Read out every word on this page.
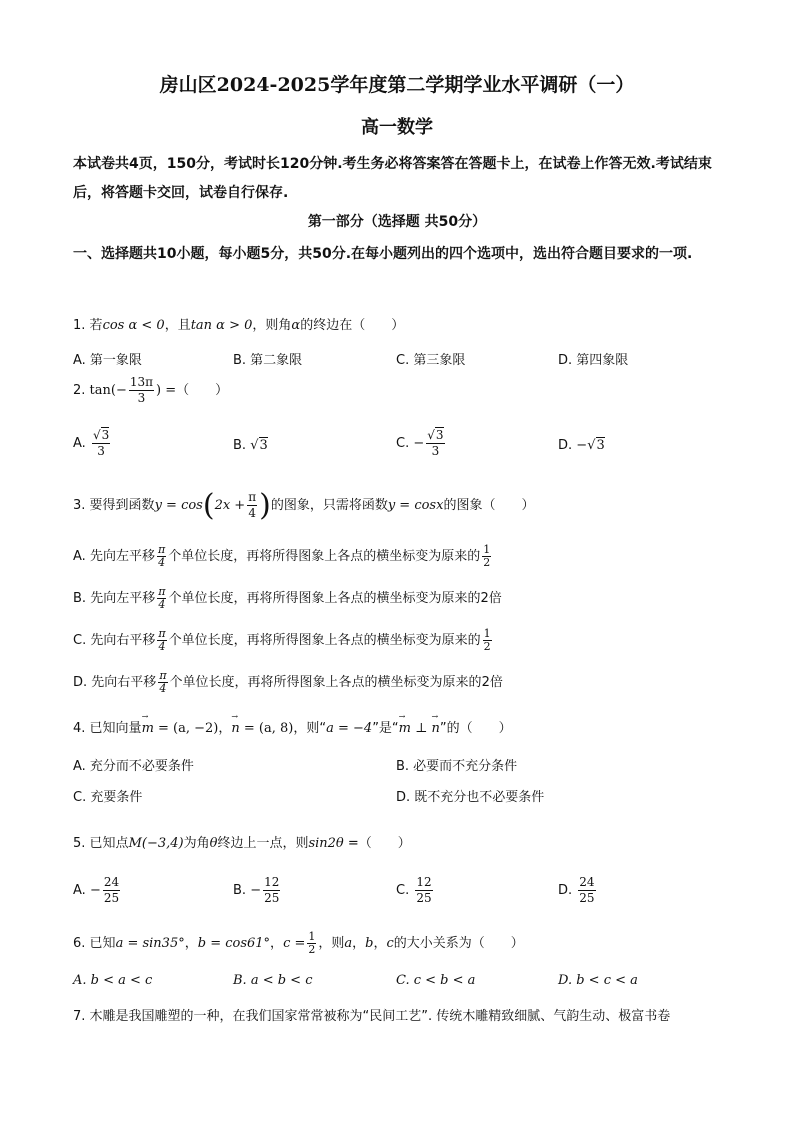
房山区2024-2025学年度第二学期学业水平调研（一）
高一数学
本试卷共4页，150分，考试时长120分钟.考生务必将答案答在答题卡上，在试卷上作答无效.考试结束后，将答题卡交回，试卷自行保存.
第一部分（选择题 共50分）
一、选择题共10小题，每小题5分，共50分.在每小题列出的四个选项中，选出符合题目要求的一项.
1. 若cos α < 0，且tan α > 0，则角α的终边在（　　）
A. 第一象限	B. 第二象限	C. 第三象限	D. 第四象限
2. $\tan(- \frac{13\pi}{3}$ ) =（　　）
A. $\frac{√3}{3}$	B. √3	C. − $\frac{√3}{3}$	D. −√3
3. 要得到函数$y = \cos(2x + \frac{\pi}{4}$ )的图象，只需将函数y = cosx的图象（　　）
A. 先向左平移 $\frac{\pi}{4}$ 个单位长度，再将所得图象上各点的横坐标变为原来的 $\frac{1}{2}$
B. 先向左平移 $\frac{\pi}{4}$ 个单位长度，再将所得图象上各点的横坐标变为原来的2倍
C. 先向右平移 $\frac{\pi}{4}$ 个单位长度，再将所得图象上各点的横坐标变为原来的 $\frac{1}{2}$
D. 先向右平移 $\frac{\pi}{4}$ 个单位长度，再将所得图象上各点的横坐标变为原来的2倍
4. 已知向量→ m = (a, −2)，→ n = (a, 8)，则“a = −4”是“→ m ⊥ → n”的（　　）
A. 充分而不必要条件	B. 必要而不充分条件
C. 充要条件	D. 既不充分也不必要条件
5. 已知点M(−3,4)为角θ终边上一点，则sin2θ =（　　）
A. − $\frac{24}{25}$	B. − $\frac{12}{25}$	C. $\frac{12}{25}$	D. $\frac{24}{25}$
6. 已知a = sin35°，b = cos61°，$c = \frac{1}{2}$ ，则a，b，c的大小关系为（　　）
A. b < a < c	B. a < b < c	C. c < b < a	D. b < c < a
7. 木雕是我国雕塑的一种，在我们国家常常被称为“民间工艺”. 传统木雕精致细腻、气韵生动、极富书卷
